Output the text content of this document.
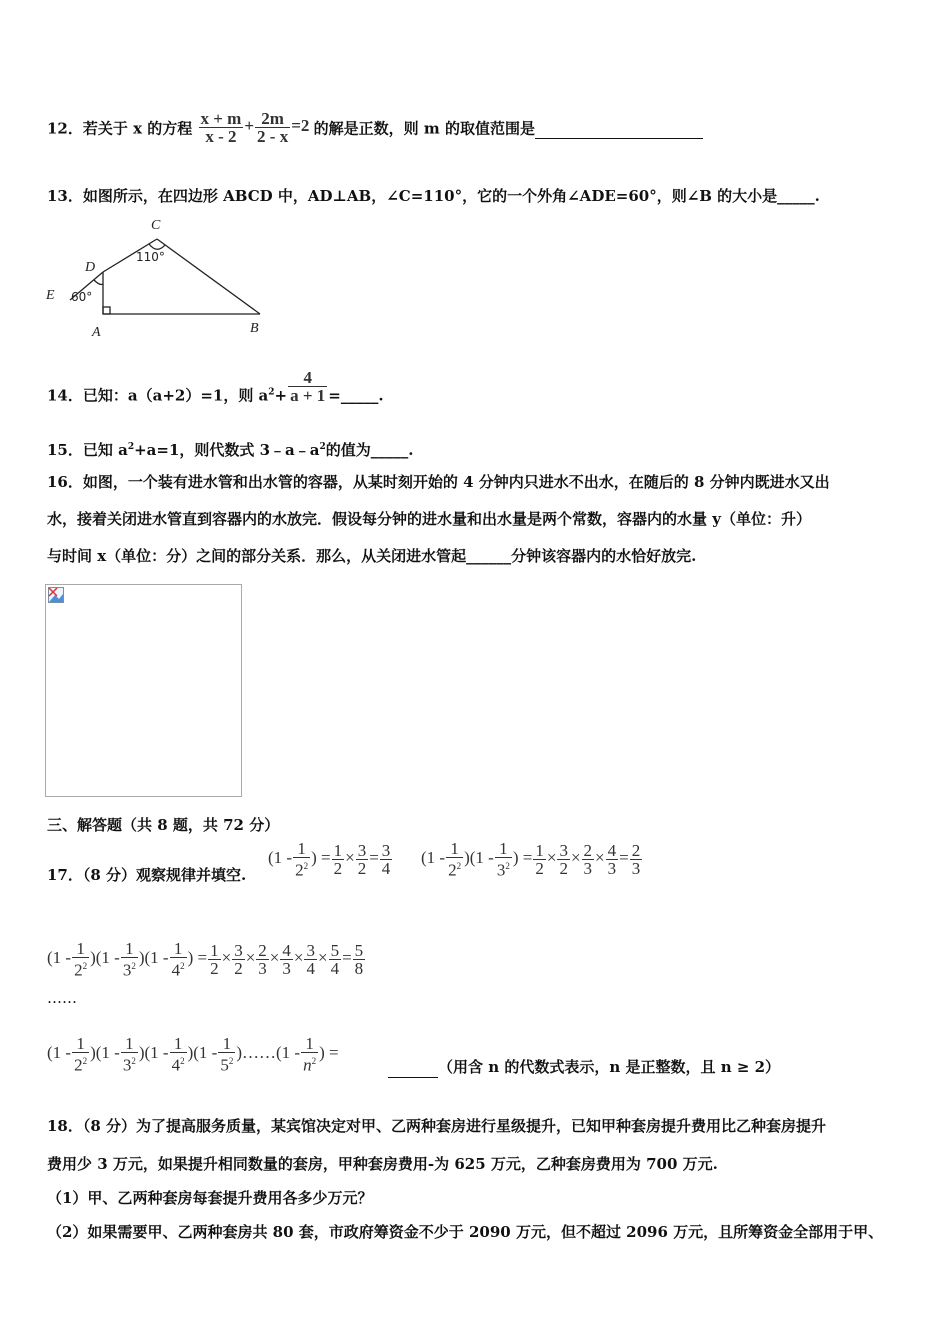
12．若关于 x 的方程 $\frac{x + m}{x - 2} + \frac{2m}{2 - x} =2$ 的解是正数，则 m 的取值范围是
13．如图所示，在四边形 ABCD 中，AD⊥AB，∠C=110°，它的一个外角∠ADE=60°，则∠B 的大小是_____.
C
D
E
A	B
110°
60°
14．已知：a（a+2）=1，则 $a^2+ \frac{4}{a + 1}$ =_____.
15．已知 $a^2+a=1$，则代数式 $3﹣a﹣a^2$的值为_____.
16．如图，一个装有进水管和出水管的容器，从某时刻开始的 4 分钟内只进水不出水，在随后的 8 分钟内既进水又出
水，接着关闭进水管直到容器内的水放完．假设每分钟的进水量和出水量是两个常数，容器内的水量 y（单位：升）
与时间 x（单位：分）之间的部分关系．那么，从关闭进水管起______分钟该容器内的水恰好放完.
三、解答题（共 8 题，共 72 分）
17．（8 分）观察规律并填空.
($1 - \frac{1}{2^2}$ ) = $\frac{1}{2} \times \frac{3}{2} = \frac{3}{4} (1 - \frac{1}{2^2} )(1 - \frac{1}{3^2}$ ) = $\frac{1}{2} \times \frac{3}{2} \times \frac{2}{3} \times \frac{4}{3} = \frac{2}{3}$
$(1 - \frac{1}{2^2} )(1 - \frac{1}{3^2} )(1 - \frac{1}{4^2}$ ) = $\frac{1}{2} \times \frac{3}{2} \times \frac{2}{3} \times \frac{4}{3} \times \frac{3}{4} \times \frac{5}{4} = \frac{5}{8}$
……
$(1 - \frac{1}{2^2} )(1 - \frac{1}{3^2} )(1 - \frac{1}{4^2} )(1 - \frac{1}{5^2}$ )……(1 - $\frac{1}{n^2}$ ) =
（用含 n 的代数式表示，n 是正整数，且 n ≥ 2）
18．（8 分）为了提高服务质量，某宾馆决定对甲、乙两种套房进行星级提升，已知甲种套房提升费用比乙种套房提升
费用少 3 万元，如果提升相同数量的套房，甲种套房费用-为 625 万元，乙种套房费用为 700 万元.
（1）甲、乙两种套房每套提升费用各多少万元？
（2）如果需要甲、乙两种套房共 80 套，市政府筹资金不少于 2090 万元，但不超过 2096 万元，且所筹资金全部用于甲、
